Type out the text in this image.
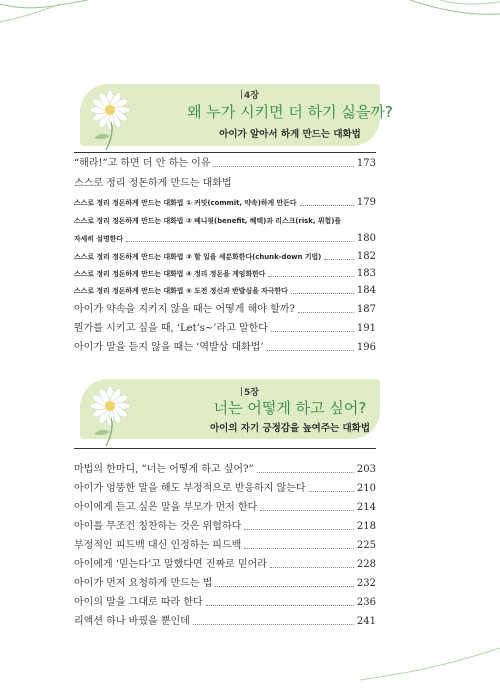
4장
왜 누가 시키면 더 하기 싫을까?
아이가 알아서 하게 만드는 대화법
“해라!”고 하면 더 안 하는 이유	173
스스로 정리 정돈하게 만드는 대화법
스스로 정리 정돈하게 만드는 대화법 ① 커밋(commit, 약속)하게 만든다	179
스스로 정리 정돈하게 만드는 대화법 ② 베니핏(benefit, 혜택)과 리스크(risk, 위험)를
자세히 설명한다	180
스스로 정리 정돈하게 만드는 대화법 ③ 할 일을 세분화한다(chunk-down 기법)	182
스스로 정리 정돈하게 만드는 대화법 ④ 정리 정돈을 게임화한다	183
스스로 정리 정돈하게 만드는 대화법 ⑤ 도전 정신과 반발심을 자극한다	184
아이가 약속을 지키지 않을 때는 어떻게 해야 할까?	187
뭔가를 시키고 싶을 때, ‘Let’s~’라고 말한다	191
아이가 말을 듣지 않을 때는 ‘역발상 대화법’	196
5장
너는 어떻게 하고 싶어?
아이의 자기 긍정감을 높여주는 대화법
마법의 한마디, “너는 어떻게 하고 싶어?”	203
아이가 엉뚱한 말을 해도 부정적으로 반응하지 않는다	210
아이에게 듣고 싶은 말을 부모가 먼저 한다	214
아이를 무조건 칭찬하는 것은 위험하다	218
부정적인 피드백 대신 인정하는 피드백	225
아이에게 ‘믿는다’고 말했다면 진짜로 믿어라	228
아이가 먼저 요청하게 만드는 법	232
아이의 말을 그대로 따라 한다	236
리액션 하나 바꿨을 뿐인데	241
